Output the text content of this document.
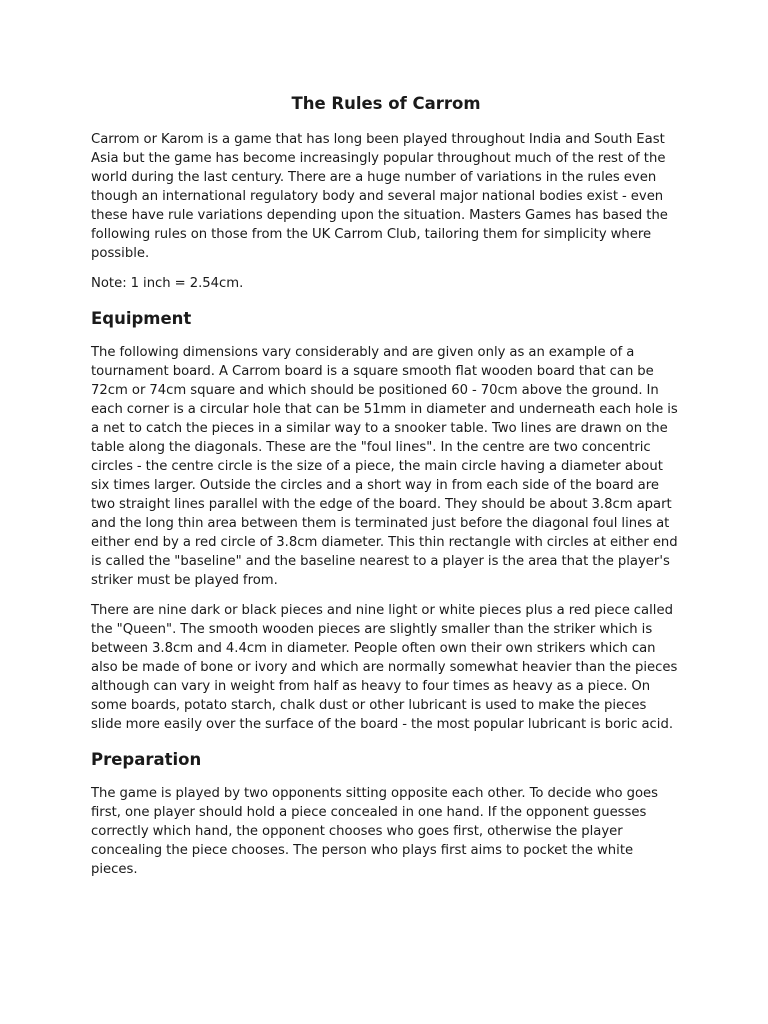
The Rules of Carrom

Carrom or Karom is a game that has long been played throughout India and South East Asia but the game has become increasingly popular throughout much of the rest of the world during the last century. There are a huge number of variations in the rules even though an international regulatory body and several major national bodies exist - even these have rule variations depending upon the situation. Masters Games has based the following rules on those from the UK Carrom Club, tailoring them for simplicity where possible.

Note: 1 inch = 2.54cm.

Equipment

The following dimensions vary considerably and are given only as an example of a tournament board. A Carrom board is a square smooth flat wooden board that can be 72cm or 74cm square and which should be positioned 60 - 70cm above the ground. In each corner is a circular hole that can be 51mm in diameter and underneath each hole is a net to catch the pieces in a similar way to a snooker table. Two lines are drawn on the table along the diagonals. These are the "foul lines". In the centre are two concentric circles - the centre circle is the size of a piece, the main circle having a diameter about six times larger. Outside the circles and a short way in from each side of the board are two straight lines parallel with the edge of the board. They should be about 3.8cm apart and the long thin area between them is terminated just before the diagonal foul lines at either end by a red circle of 3.8cm diameter. This thin rectangle with circles at either end is called the "baseline" and the baseline nearest to a player is the area that the player's striker must be played from.

There are nine dark or black pieces and nine light or white pieces plus a red piece called the "Queen". The smooth wooden pieces are slightly smaller than the striker which is between 3.8cm and 4.4cm in diameter. People often own their own strikers which can also be made of bone or ivory and which are normally somewhat heavier than the pieces although can vary in weight from half as heavy to four times as heavy as a piece. On some boards, potato starch, chalk dust or other lubricant is used to make the pieces slide more easily over the surface of the board - the most popular lubricant is boric acid.

Preparation

The game is played by two opponents sitting opposite each other. To decide who goes first, one player should hold a piece concealed in one hand. If the opponent guesses correctly which hand, the opponent chooses who goes first, otherwise the player concealing the piece chooses. The person who plays first aims to pocket the white pieces.
